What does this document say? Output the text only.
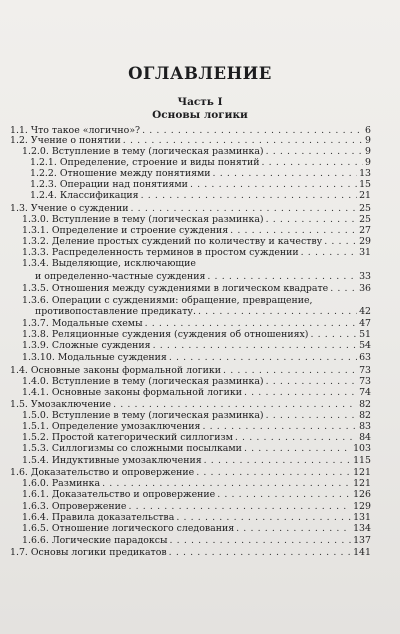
ОГЛАВЛЕНИЕ
Часть I
Основы логики
1.1. Что такое «логично»? . . .	6
1.2. Учение о понятии . . .	9
1.2.0. Вступление в тему (логическая разминка) . . .	9
1.2.1. Определение, строение и виды понятий . . .	9
1.2.2. Отношение между понятиями . . .	13
1.2.3. Операции над понятиями . . .	15
1.2.4. Классификация . . .	21
1.3. Учение о суждении . . .	25
1.3.0. Вступление в тему (логическая разминка) . . .	25
1.3.1. Определение и строение суждения . . .	27
1.3.2. Деление простых суждений по количеству и качеству . . .	29
1.3.3. Распределенность терминов в простом суждении . . .	31
1.3.4. Выделяющие, исключающие
и определенно-частные суждения . . .	33
1.3.5. Отношения между суждениями в логическом квадрате . . .	36
1.3.6. Операции с суждениями: обращение, превращение,
противопоставление предикату. . . .	42
1.3.7. Модальные схемы . . .	47
1.3.8. Реляционные суждения (суждения об отношениях) . . .	51
1.3.9. Сложные суждения . . .	54
1.3.10. Модальные суждения . . .	63
1.4. Основные законы формальной логики . . .	73
1.4.0. Вступление в тему (логическая разминка) . . .	73
1.4.1. Основные законы формальной логики . . .	74
1.5. Умозаключение . . .	82
1.5.0. Вступление в тему (логическая разминка) . . .	82
1.5.1. Определение умозаключения . . .	83
1.5.2. Простой категорический силлогизм . . .	84
1.5.3. Силлогизмы со сложными посылками . . .	103
1.5.4. Индуктивные умозаключения . . .	115
1.6. Доказательство и опровержение . . .	121
1.6.0. Разминка . . .	121
1.6.1. Доказательство и опровержение . . .	126
1.6.3. Опровержение . . .	129
1.6.4. Правила доказательства . . .	131
1.6.5. Отношение логического следования . . .	134
1.6.6. Логические парадоксы . . .	137
1.7. Основы логики предикатов . . .	141
